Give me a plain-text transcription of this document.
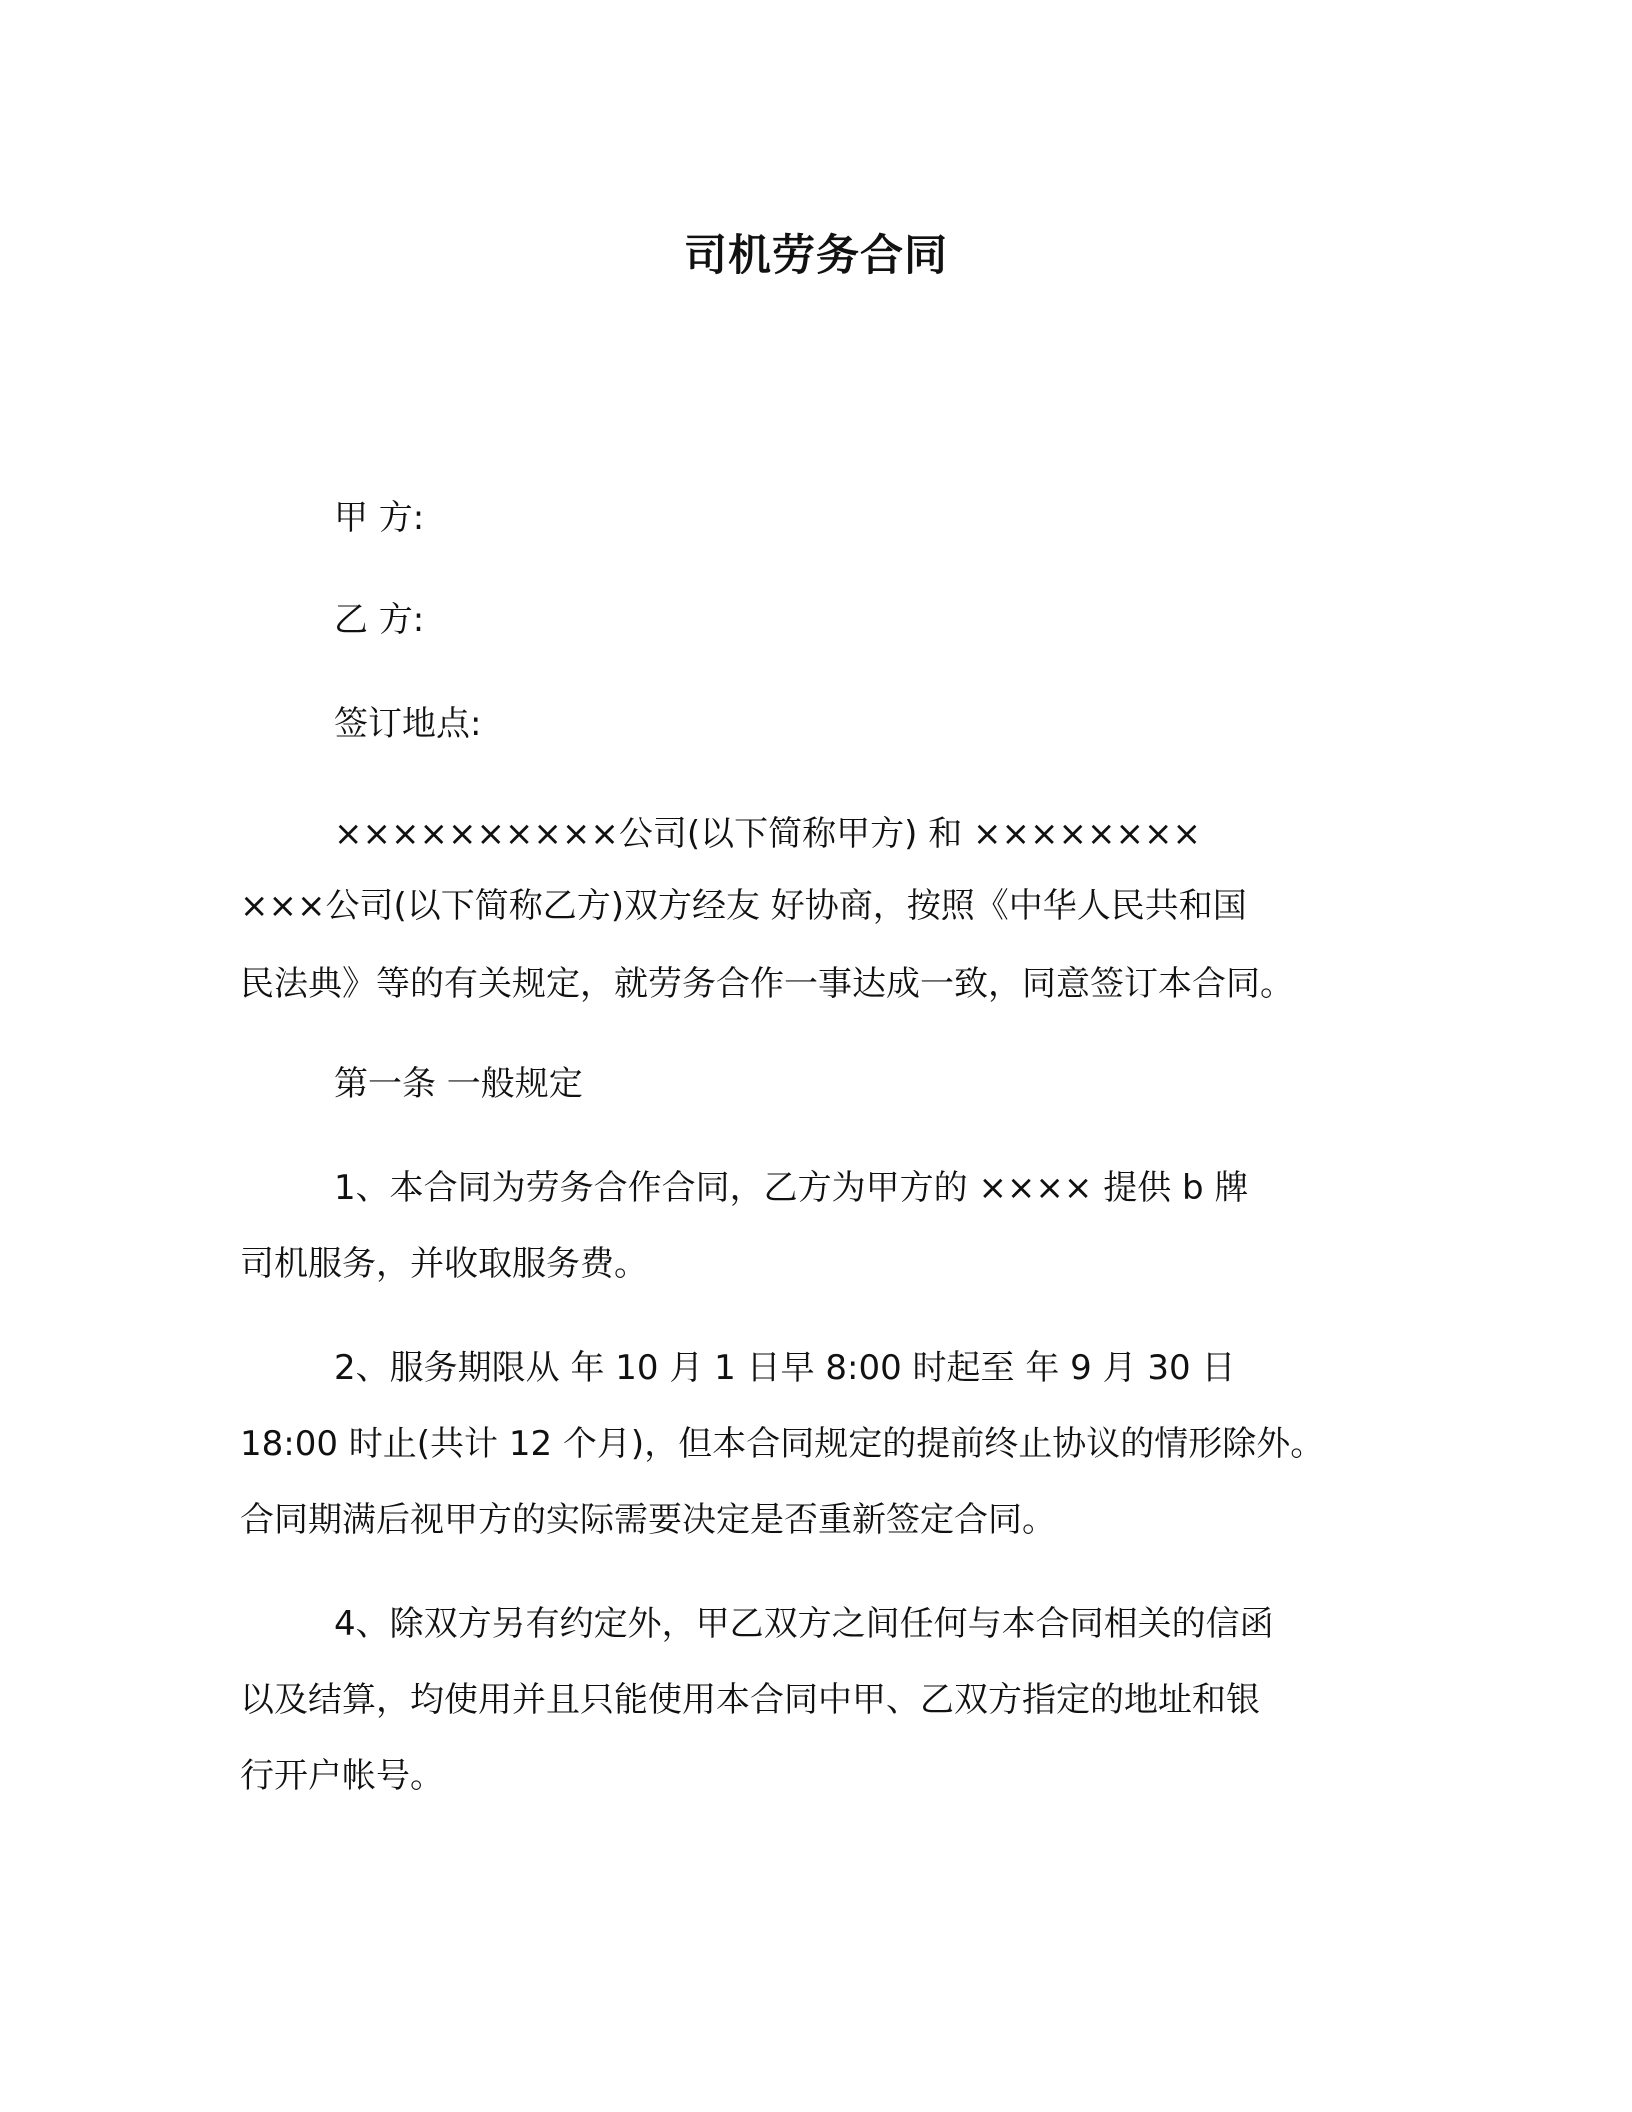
司机劳务合同
甲 方:
乙 方:
签订地点:
××××××××××公司(以下简称甲方) 和 ××××××××
×××公司(以下简称乙方)双方经友 好协商，按照《中华人民共和国
民法典》等的有关规定，就劳务合作一事达成一致，同意签订本合同。
第一条 一般规定
1、本合同为劳务合作合同，乙方为甲方的 ×××× 提供 b 牌
司机服务，并收取服务费。
2、服务期限从 年 10 月 1 日早 8:00 时起至 年 9 月 30 日
18:00 时止(共计 12 个月)，但本合同规定的提前终止协议的情形除外。
合同期满后视甲方的实际需要决定是否重新签定合同。
4、除双方另有约定外，甲乙双方之间任何与本合同相关的信函
以及结算，均使用并且只能使用本合同中甲、乙双方指定的地址和银
行开户帐号。
